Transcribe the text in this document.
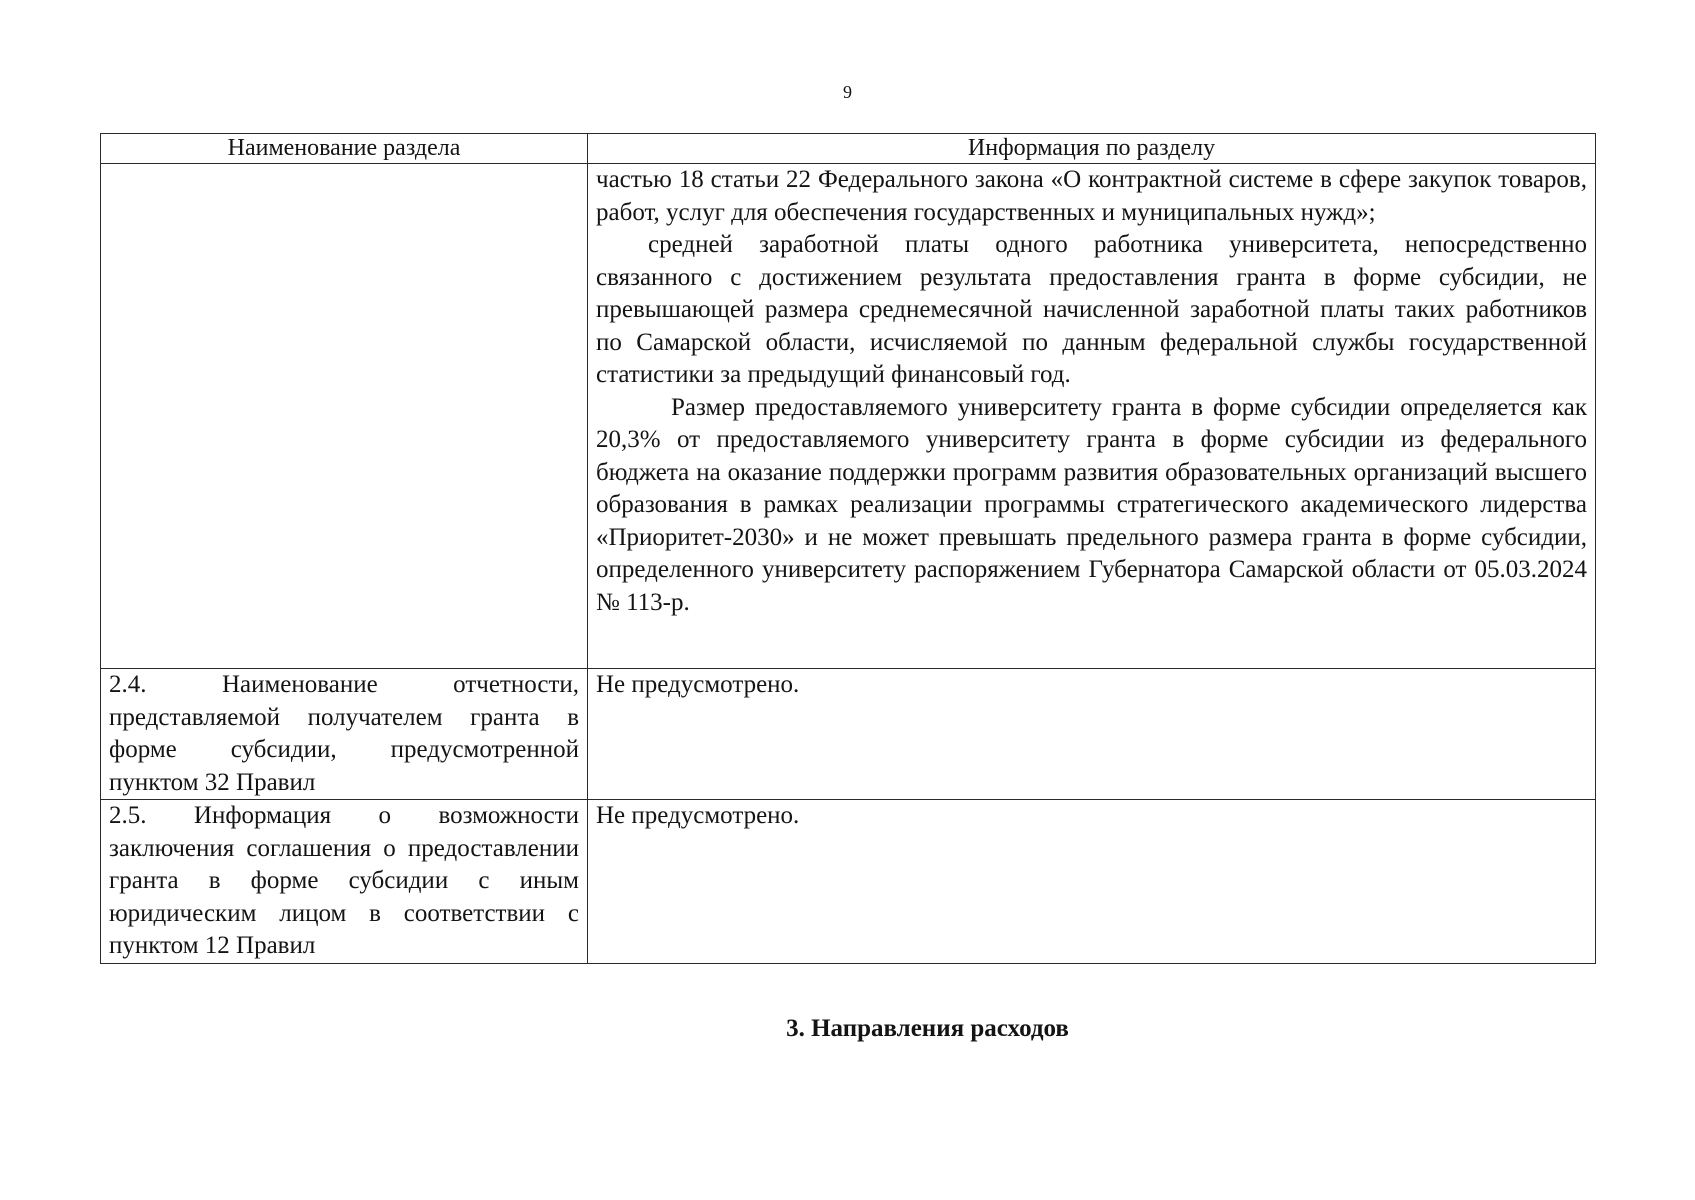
9
Наименование раздела	Информация по разделу

	частью 18 статьи 22 Федерального закона «О контрактной системе в сфере закупок товаров, работ, услуг для обеспечения государственных и муниципальных нужд»;

средней заработной платы одного работника университета, непосредственно связанного с достижением результата предоставления гранта в форме субсидии, не превышающей размера среднемесячной начисленной заработной платы таких работников по Самарской области, исчисляемой по данным федеральной службы государственной статистики за предыдущий финансовый год.

Размер предоставляемого университету гранта в форме субсидии определяется как 20,3% от предоставляемого университету гранта в форме субсидии из федерального бюджета на оказание поддержки программ развития образовательных организаций высшего образования в рамках реализации программы стратегического академического лидерства «Приоритет-2030» и не может превышать предельного размера гранта в форме субсидии, определенного университету распоряжением Губернатора Самарской области от 05.03.2024 № 113-р.

2.4. Наименование отчетности, представляемой получателем гранта в форме субсидии, предусмотренной пунктом 32 Правил	Не предусмотрено.

2.5. Информация о возможности заключения соглашения о предоставлении гранта в форме субсидии с иным юридическим лицом в соответствии с пунктом 12 Правил	Не предусмотрено.

3. Направления расходов
